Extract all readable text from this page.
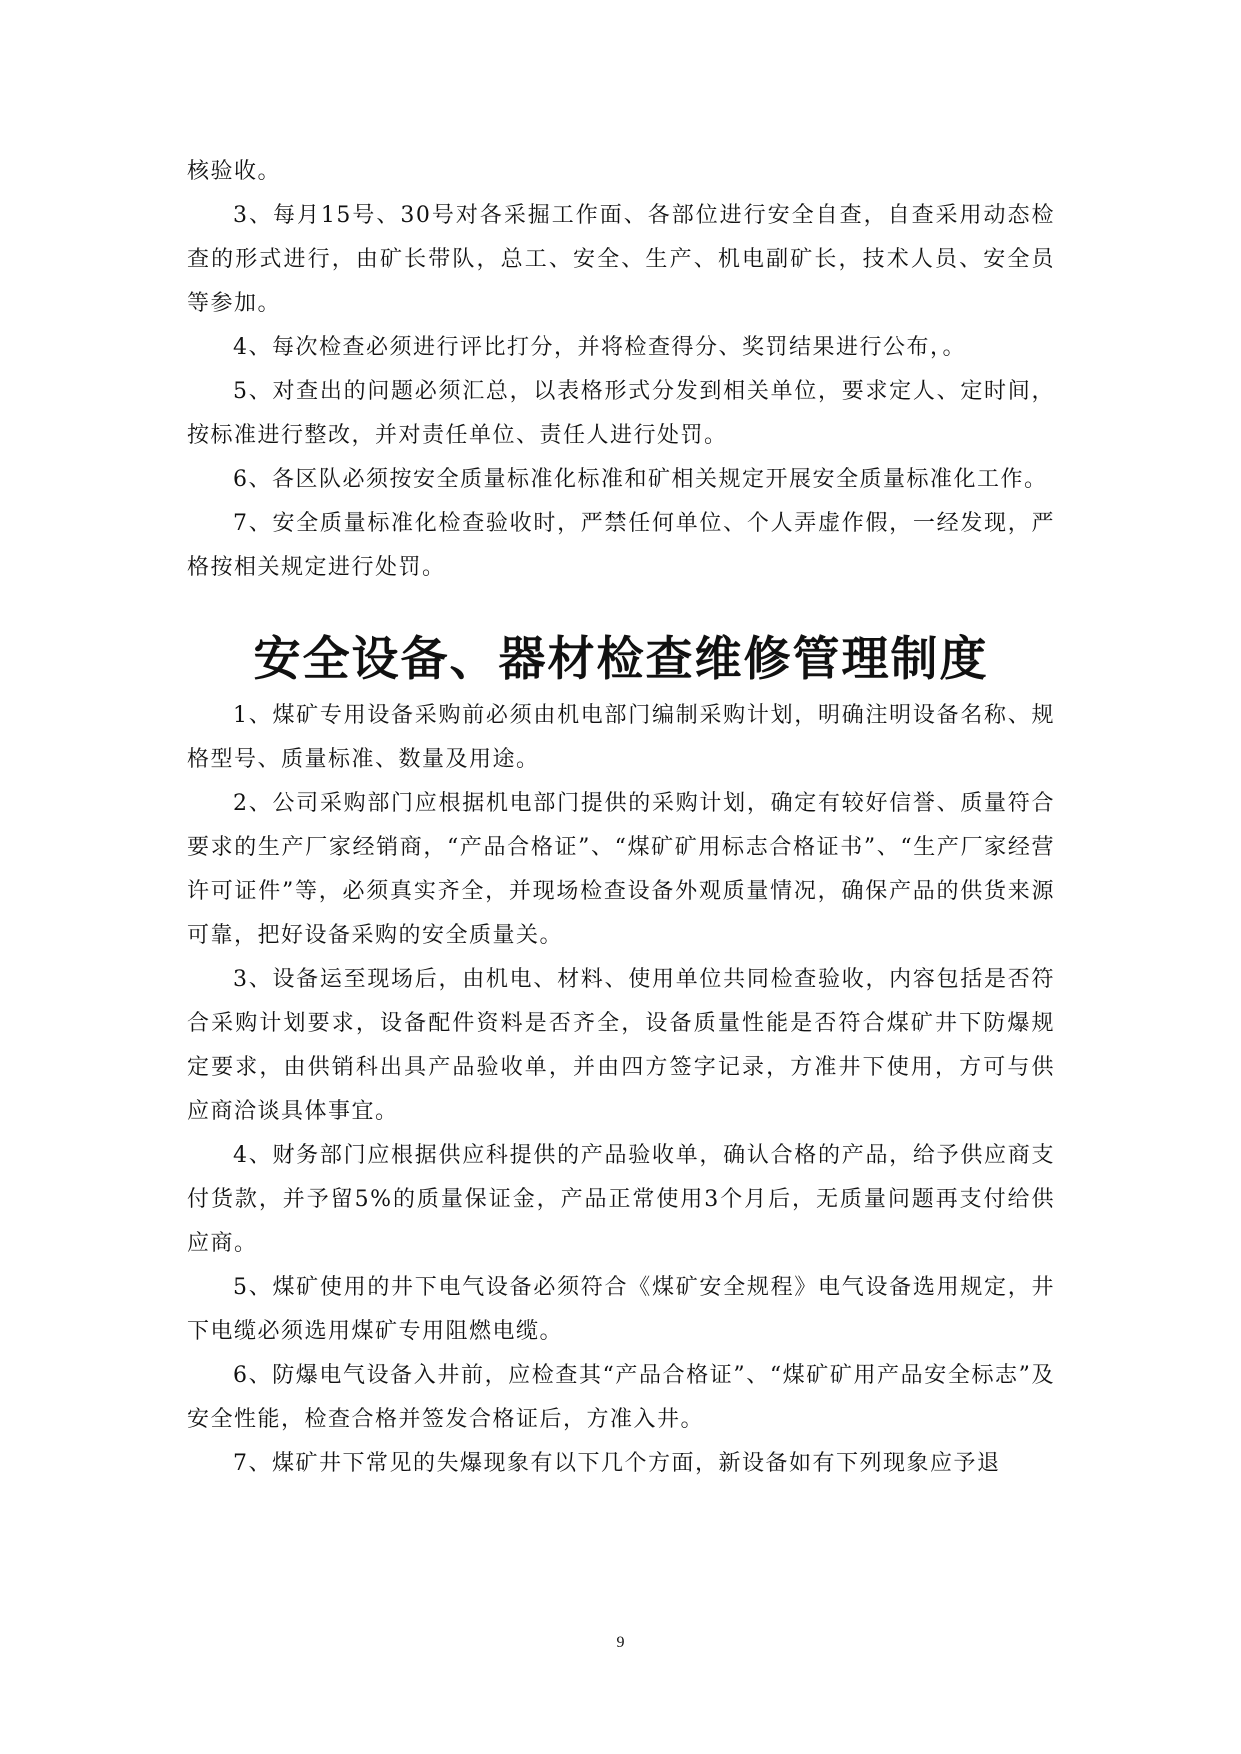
核验收。

3、每月15号、30号对各采掘工作面、各部位进行安全自查，自查采用动态检查的形式进行，由矿长带队，总工、安全、生产、机电副矿长，技术人员、安全员等参加。

4、每次检查必须进行评比打分，并将检查得分、奖罚结果进行公布，。

5、对查出的问题必须汇总，以表格形式分发到相关单位，要求定人、定时间，按标准进行整改，并对责任单位、责任人进行处罚。

6、各区队必须按安全质量标准化标准和矿相关规定开展安全质量标准化工作。

7、安全质量标准化检查验收时，严禁任何单位、个人弄虚作假，一经发现，严格按相关规定进行处罚。

安全设备、器材检查维修管理制度

1、煤矿专用设备采购前必须由机电部门编制采购计划，明确注明设备名称、规格型号、质量标准、数量及用途。

2、公司采购部门应根据机电部门提供的采购计划，确定有较好信誉、质量符合要求的生产厂家经销商，“产品合格证”、“煤矿矿用标志合格证书”、“生产厂家经营许可证件”等，必须真实齐全，并现场检查设备外观质量情况，确保产品的供货来源可靠，把好设备采购的安全质量关。

3、设备运至现场后，由机电、材料、使用单位共同检查验收，内容包括是否符合采购计划要求，设备配件资料是否齐全，设备质量性能是否符合煤矿井下防爆规定要求，由供销科出具产品验收单，并由四方签字记录，方准井下使用，方可与供应商洽谈具体事宜。

4、财务部门应根据供应科提供的产品验收单，确认合格的产品，给予供应商支付货款，并予留5%的质量保证金，产品正常使用3个月后，无质量问题再支付给供应商。

5、煤矿使用的井下电气设备必须符合《煤矿安全规程》电气设备选用规定，井下电缆必须选用煤矿专用阻燃电缆。

6、防爆电气设备入井前，应检查其“产品合格证”、“煤矿矿用产品安全标志”及安全性能，检查合格并签发合格证后，方准入井。

7、煤矿井下常见的失爆现象有以下几个方面，新设备如有下列现象应予退

9
